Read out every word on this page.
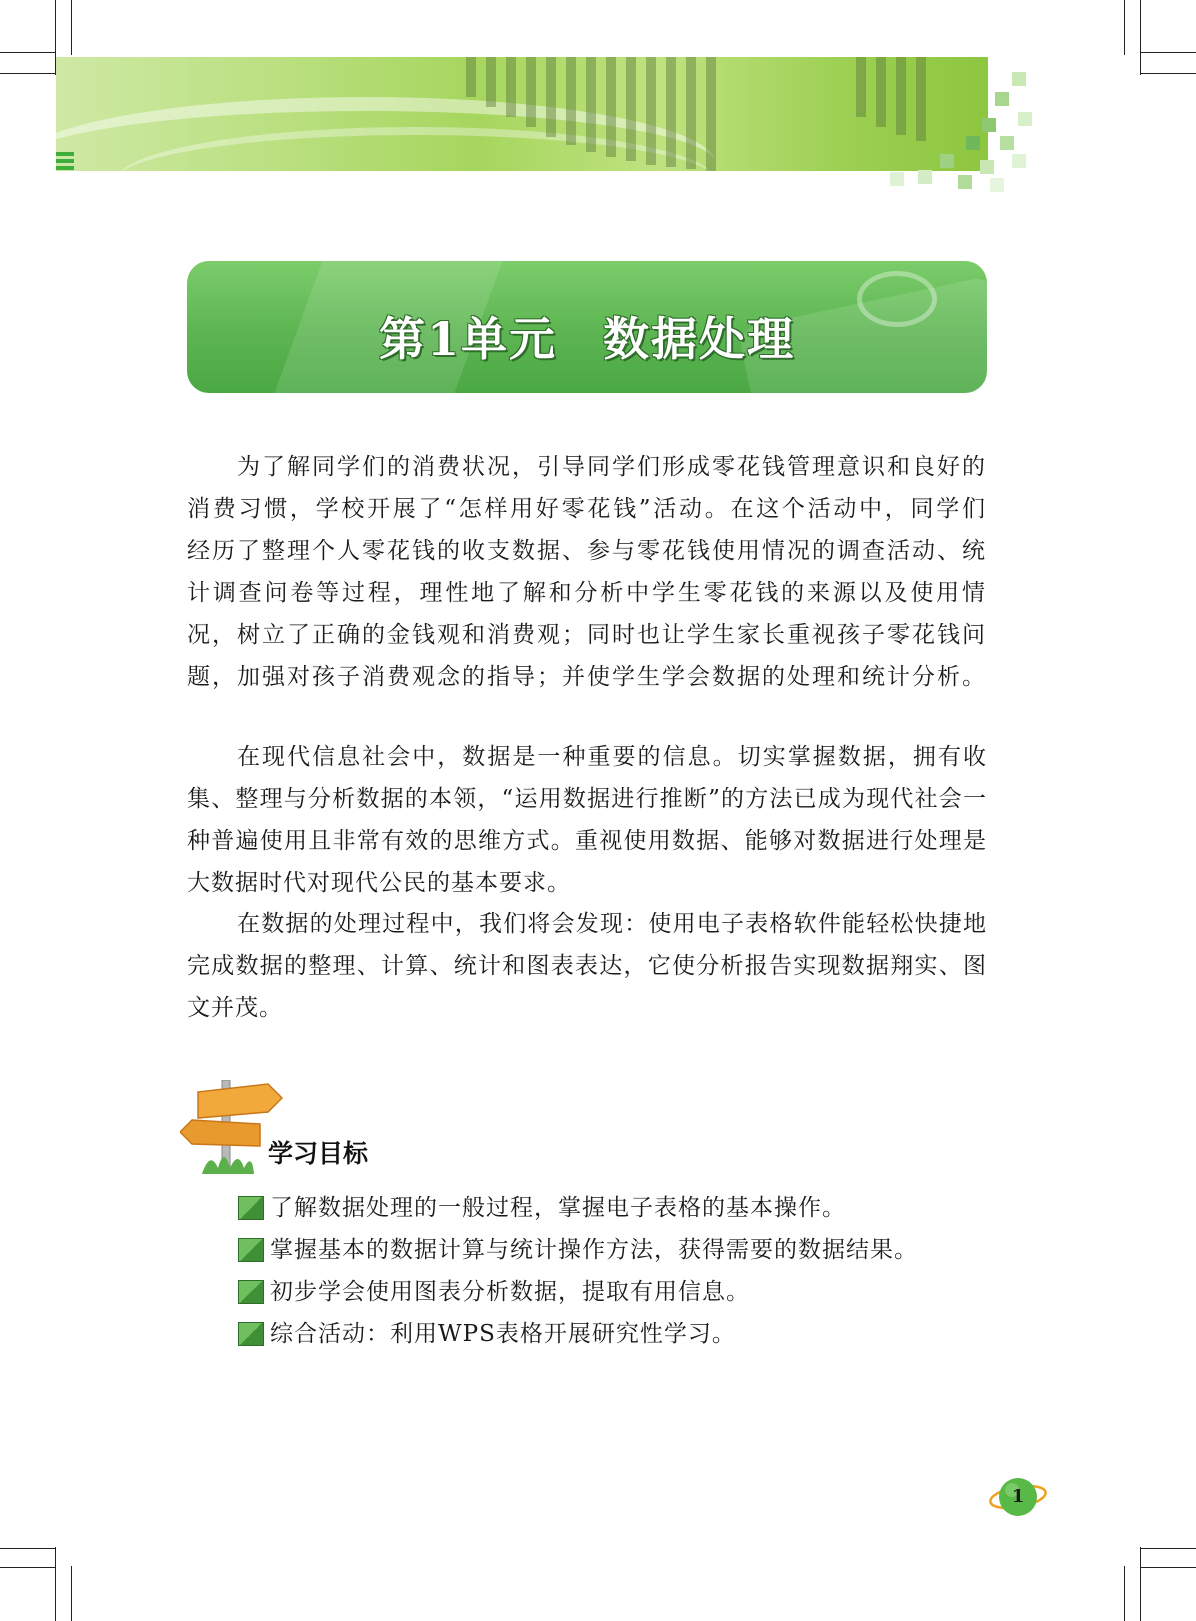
第1单元 数据处理

为了解同学们的消费状况，引导同学们形成零花钱管理意识和良好的消费习惯，学校开展了“怎样用好零花钱”活动。在这个活动中，同学们经历了整理个人零花钱的收支数据、参与零花钱使用情况的调查活动、统计调查问卷等过程，理性地了解和分析中学生零花钱的来源以及使用情况，树立了正确的金钱观和消费观；同时也让学生家长重视孩子零花钱问题，加强对孩子消费观念的指导；并使学生学会数据的处理和统计分析。

在现代信息社会中，数据是一种重要的信息。切实掌握数据，拥有收集、整理与分析数据的本领，“运用数据进行推断”的方法已成为现代社会一种普遍使用且非常有效的思维方式。重视使用数据、能够对数据进行处理是大数据时代对现代公民的基本要求。

在数据的处理过程中，我们将会发现：使用电子表格软件能轻松快捷地完成数据的整理、计算、统计和图表表达，它使分析报告实现数据翔实、图文并茂。

学习目标
了解数据处理的一般过程，掌握电子表格的基本操作。
掌握基本的数据计算与统计操作方法，获得需要的数据结果。
初步学会使用图表分析数据，提取有用信息。
综合活动：利用WPS表格开展研究性学习。
1
